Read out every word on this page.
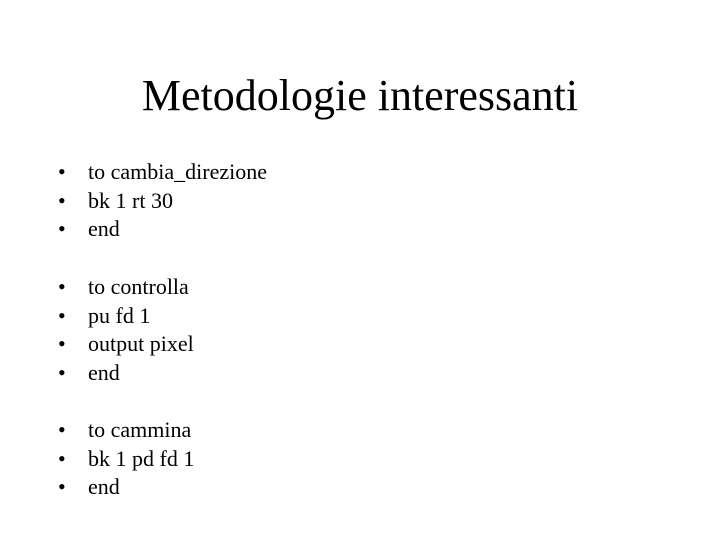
Metodologie interessanti
• to cambia_direzione
• bk 1 rt 30
• end
• to controlla
• pu fd 1
• output pixel
• end
• to cammina
• bk 1 pd fd 1
• end
